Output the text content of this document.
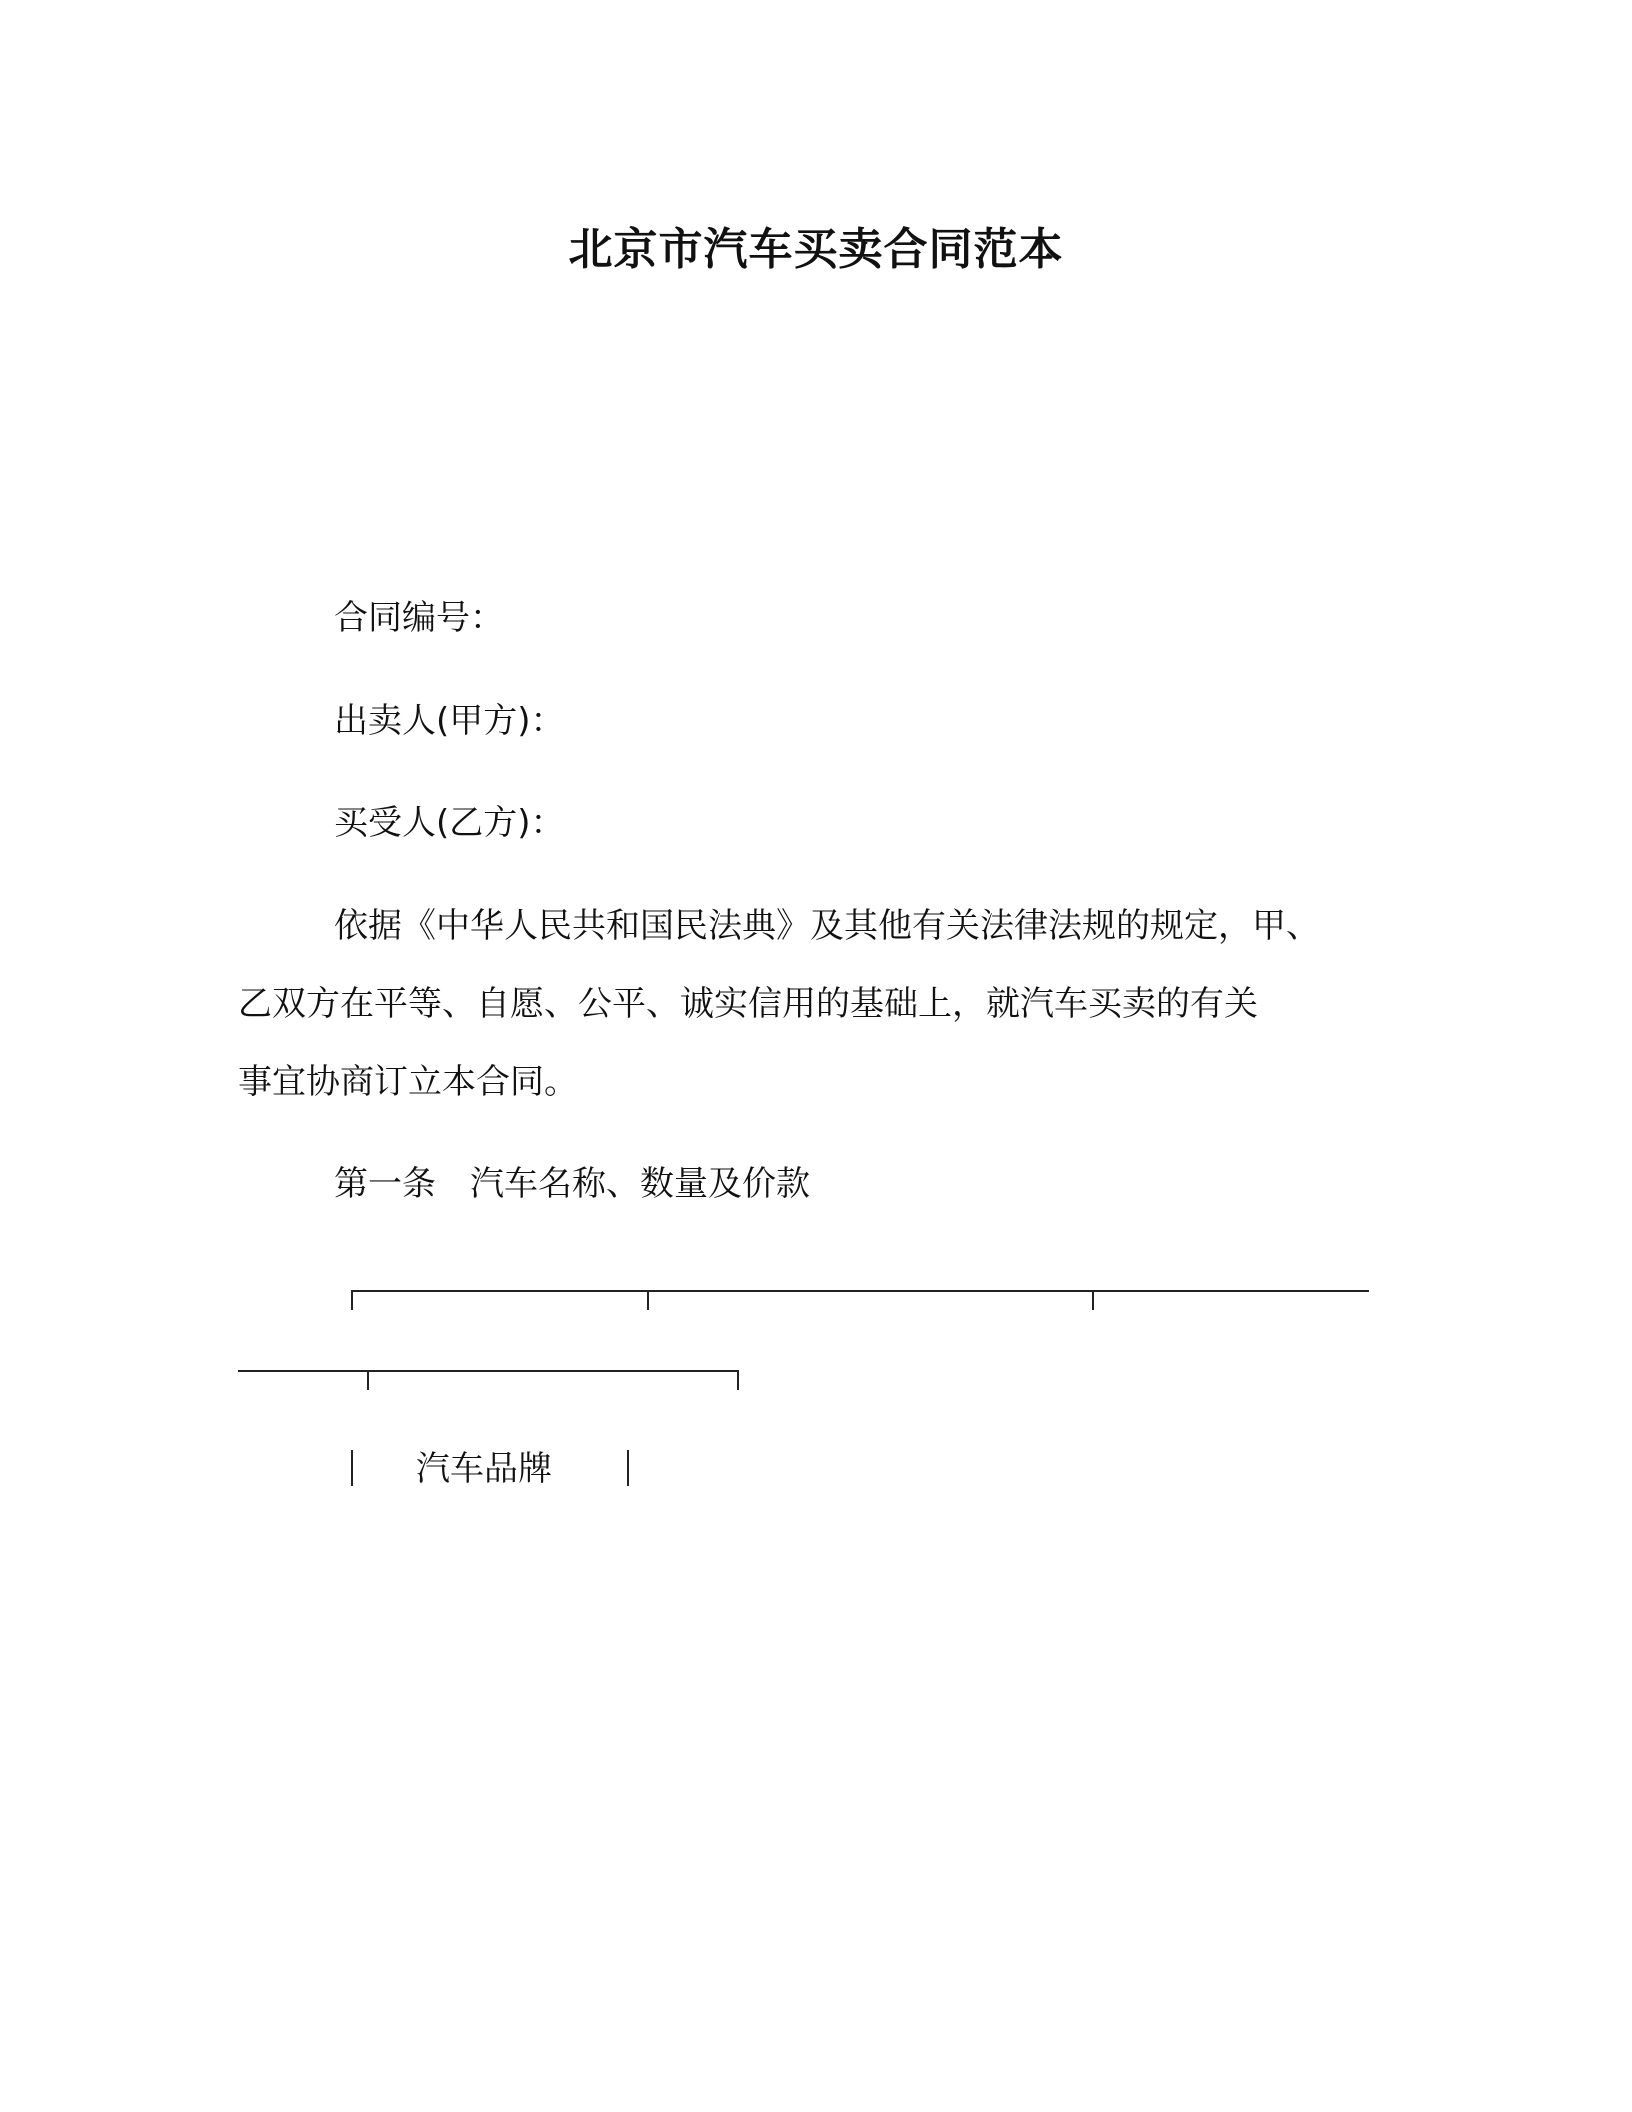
北京市汽车买卖合同范本
合同编号：
出卖人(甲方)：
买受人(乙方)：
依据《中华人民共和国民法典》及其他有关法律法规的规定，甲、
乙双方在平等、自愿、公平、诚实信用的基础上，就汽车买卖的有关
事宜协商订立本合同。
第一条　汽车名称、数量及价款
汽车品牌
